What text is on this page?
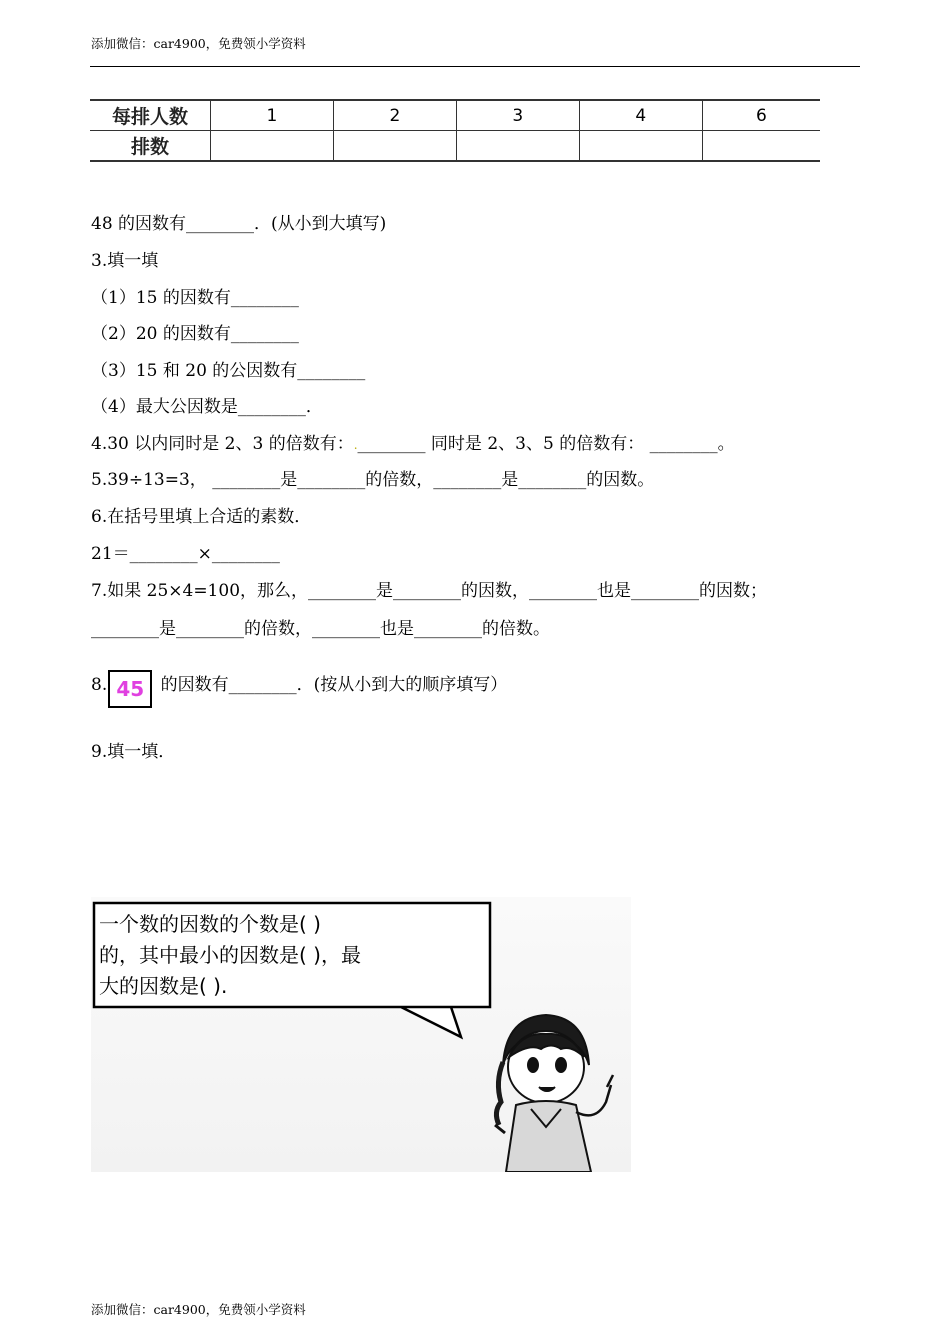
添加微信：car4900，免费领小学资料
每排人数	1	2	3	4	6
排数					
48 的因数有________．(从小到大填写)
3.填一填
（1）15 的因数有________
（2）20 的因数有________
（3）15 和 20 的公因数有________
（4）最大公因数是________．
4.30 以内同时是 2、3 的倍数有：.________ 同时是 2、3、5 的倍数有： ________。
5.39÷13=3， ________是________的倍数，________是________的因数。
6.在括号里填上合适的素数．
21＝________×________
7.如果 25×4=100，那么，________是________的因数，________也是________的因数；
________是________的倍数，________也是________的倍数。
8. 45 的因数有________．(按从小到大的顺序填写）
9.填一填．
一个数的因数的个数是( )
的，其中最小的因数是( )，最
大的因数是( ).
添加微信：car4900，免费领小学资料
